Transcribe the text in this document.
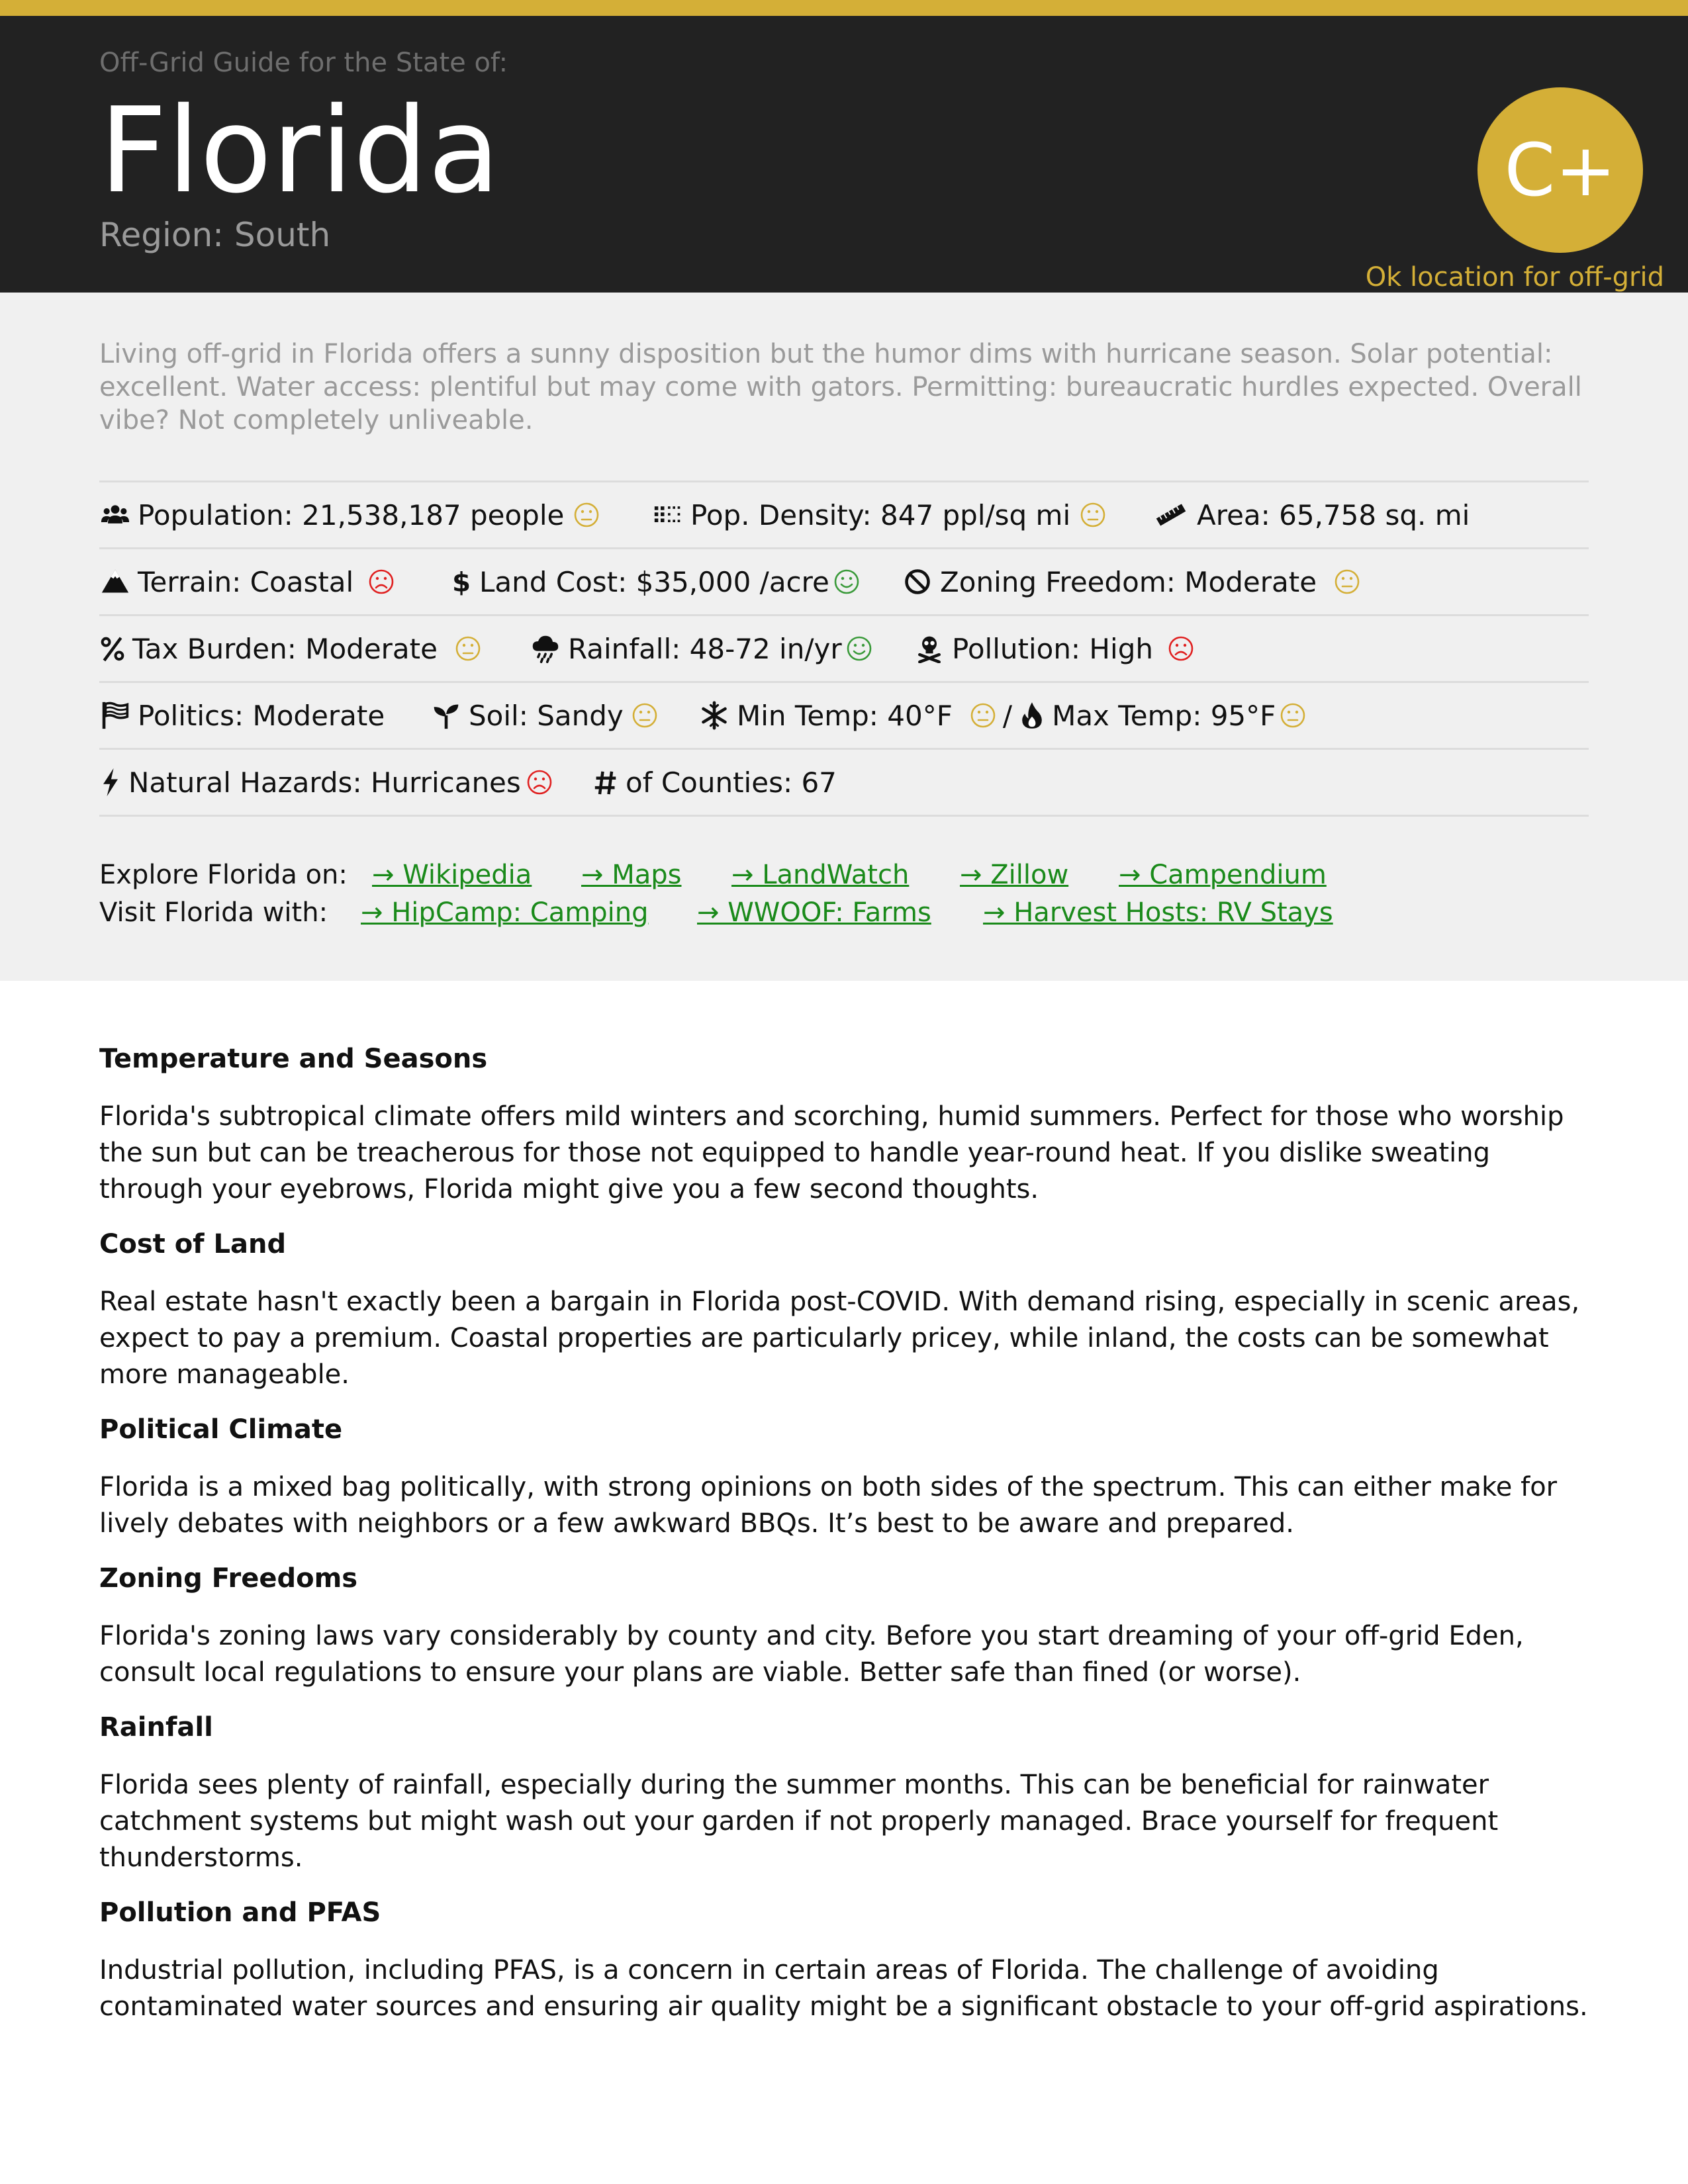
Off-Grid Guide for the State of:
Florida
Region: South
C+
Ok location for off-grid

Living off-grid in Florida offers a sunny disposition but the humor dims with hurricane season. Solar potential: excellent. Water access: plentiful but may come with gators. Permitting: bureaucratic hurdles expected. Overall vibe? Not completely unliveable.

Population: 21,538,187 people	Pop. Density: 847 ppl/sq mi	Area: 65,758 sq. mi
Terrain: Coastal	$ Land Cost: $35,000 /acre	Zoning Freedom: Moderate
Tax Burden: Moderate	Rainfall: 48-72 in/yr	Pollution: High
Politics: Moderate	Soil: Sandy	Min Temp: 40°F / Max Temp: 95°F
Natural Hazards: Hurricanes	of Counties: 67
Explore Florida on: → Wikipedia → Maps → LandWatch → Zillow → Campendium
Visit Florida with: → HipCamp: Camping → WWOOF: Farms → Harvest Hosts: RV Stays
Temperature and Seasons

Florida's subtropical climate offers mild winters and scorching, humid summers. Perfect for those who worship the sun but can be treacherous for those not equipped to handle year-round heat. If you dislike sweating through your eyebrows, Florida might give you a few second thoughts.

Cost of Land

Real estate hasn't exactly been a bargain in Florida post-COVID. With demand rising, especially in scenic areas, expect to pay a premium. Coastal properties are particularly pricey, while inland, the costs can be somewhat more manageable.

Political Climate

Florida is a mixed bag politically, with strong opinions on both sides of the spectrum. This can either make for lively debates with neighbors or a few awkward BBQs. It’s best to be aware and prepared.

Zoning Freedoms

Florida's zoning laws vary considerably by county and city. Before you start dreaming of your off-grid Eden, consult local regulations to ensure your plans are viable. Better safe than fined (or worse).

Rainfall

Florida sees plenty of rainfall, especially during the summer months. This can be beneficial for rainwater catchment systems but might wash out your garden if not properly managed. Brace yourself for frequent thunderstorms.

Pollution and PFAS

Industrial pollution, including PFAS, is a concern in certain areas of Florida. The challenge of avoiding contaminated water sources and ensuring air quality might be a significant obstacle to your off-grid aspirations.
